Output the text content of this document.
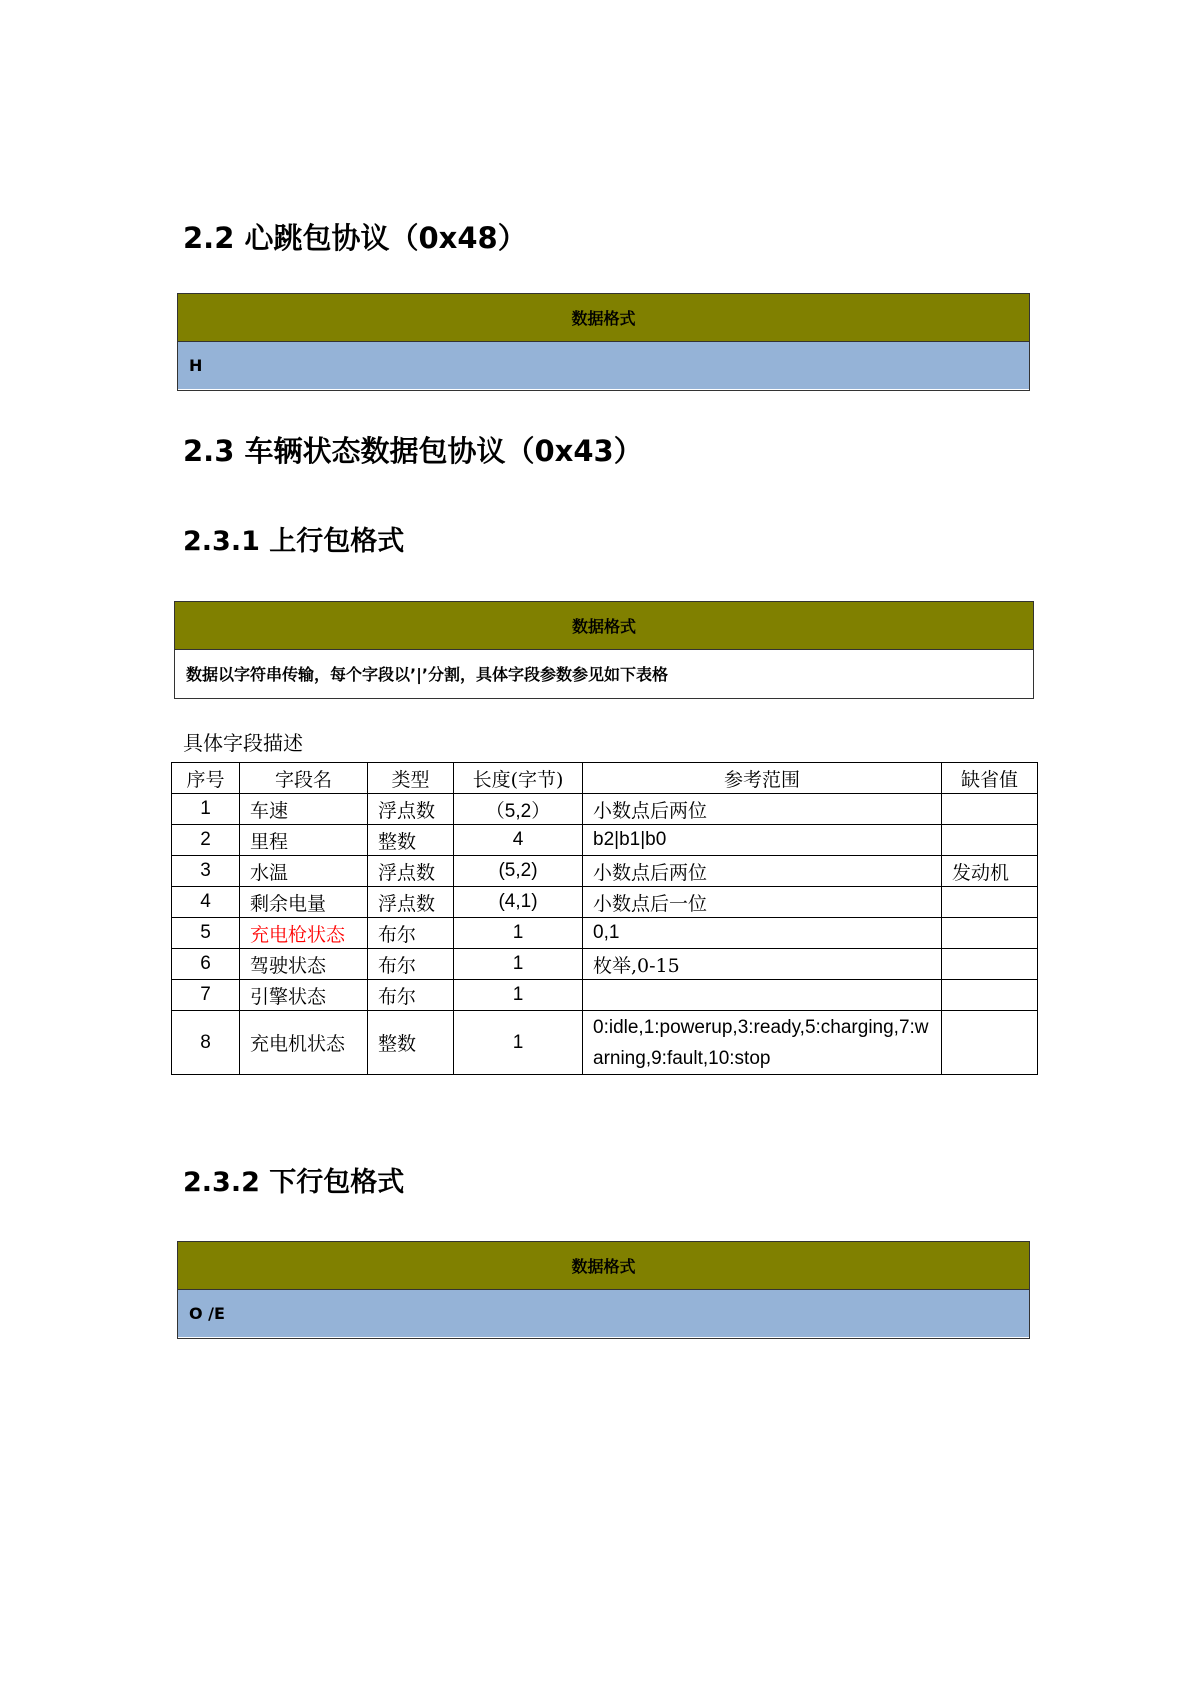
2.2 心跳包协议（0x48）
数据格式
H
2.3 车辆状态数据包协议（0x43）
2.3.1 上行包格式
数据格式
数据以字符串传输，每个字段以’|’分割，具体字段参数参见如下表格
具体字段描述
序号	字段名	类型	长度(字节)	参考范围	缺省值
1	车速	浮点数	（5,2）	小数点后两位	
2	里程	整数	4	b2|b1|b0	
3	水温	浮点数	(5,2)	小数点后两位	发动机
4	剩余电量	浮点数	(4,1)	小数点后一位	
5	充电枪状态	布尔	1	0,1	
6	驾驶状态	布尔	1	枚举,0-15	
7	引擎状态	布尔	1		
8	充电机状态	整数	1	0:idle,1:powerup,3:ready,5:charging,7:warning,9:fault,10:stop	
2.3.2 下行包格式
数据格式
O /E
